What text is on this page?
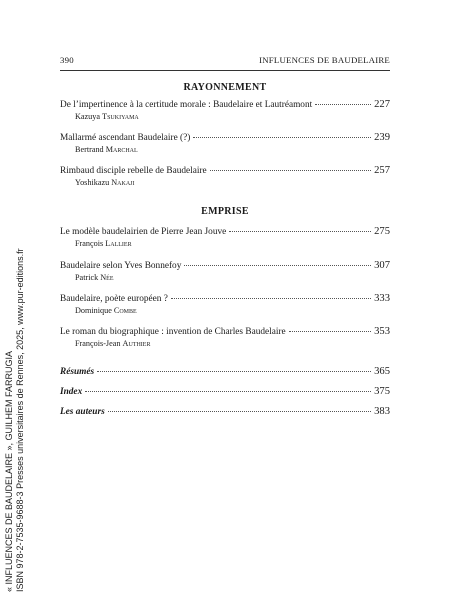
390	INFLUENCES DE BAUDELAIRE
RAYONNEMENT
De l’impertinence à la certitude morale : Baudelaire et Lautréamont	227
Kazuya Tsukiyama
Mallarmé ascendant Baudelaire (?)	239
Bertrand Marchal
Rimbaud disciple rebelle de Baudelaire	257
Yoshikazu Nakaji
EMPRISE
Le modèle baudelairien de Pierre Jean Jouve	275
François Lallier
Baudelaire selon Yves Bonnefoy	307
Patrick Née
Baudelaire, poète européen ?	333
Dominique Combe
Le roman du biographique : invention de Charles Baudelaire	353
François-Jean Authier
Résumés	365
Index	375
Les auteurs	383
« INFLUENCES DE BAUDELAIRE », GUILHEM FARRUGIA ISBN 978-2-7535-9688-3 Presses universitaires de Rennes, 2025, www.pur-editions.fr
